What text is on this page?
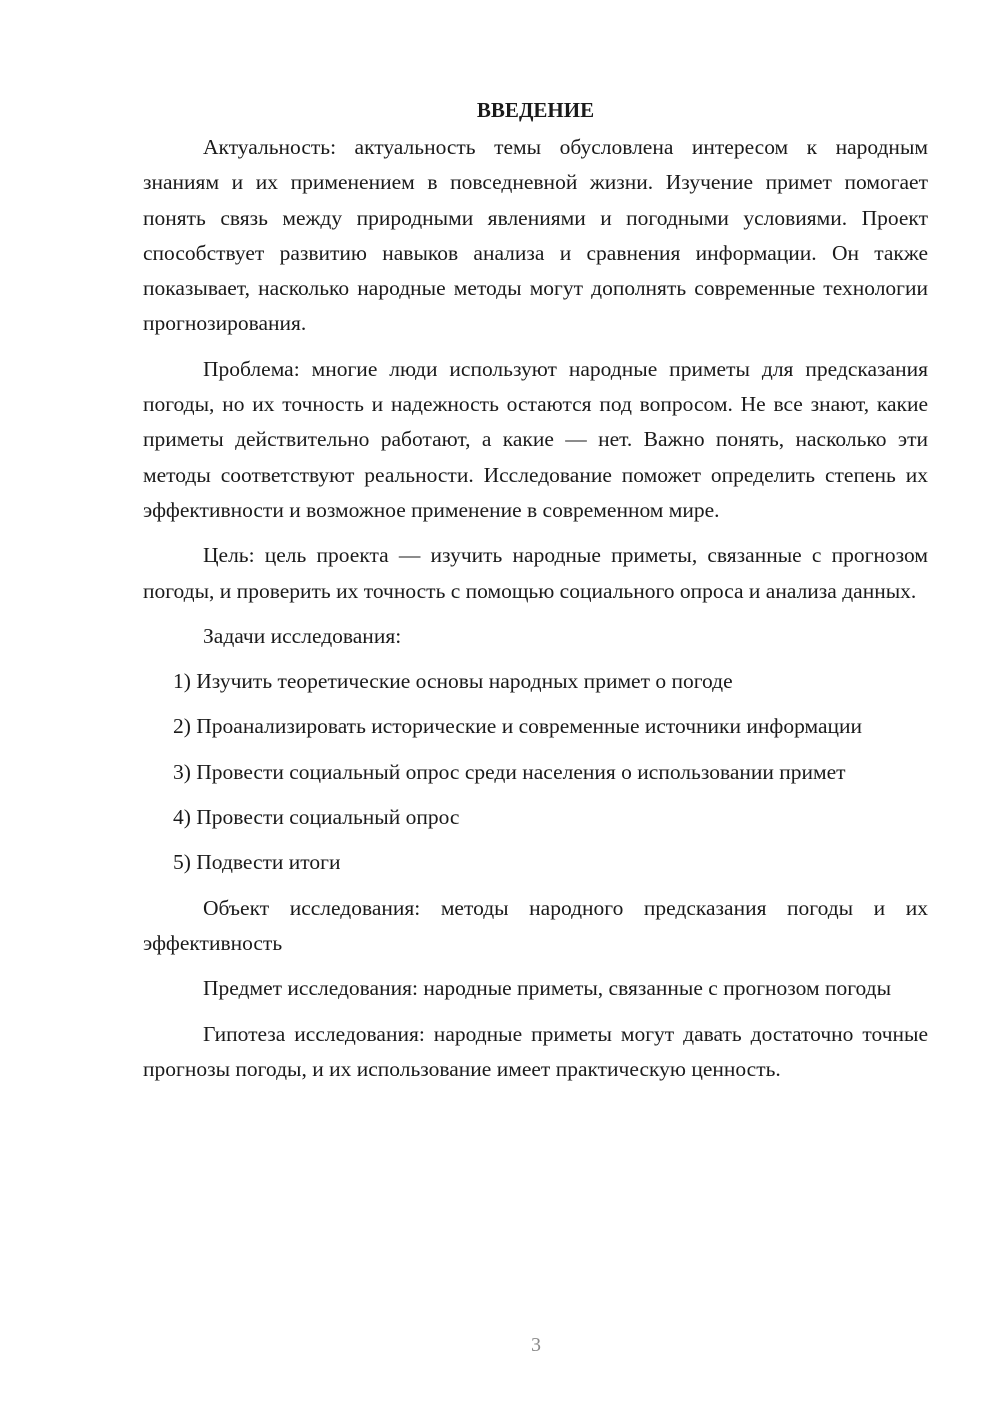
ВВЕДЕНИЕ

Актуальность: актуальность темы обусловлена интересом к народным знаниям и их применением в повседневной жизни. Изучение примет помогает понять связь между природными явлениями и погодными условиями. Проект способствует развитию навыков анализа и сравнения информации. Он также показывает, насколько народные методы могут дополнять современные технологии прогнозирования.

Проблема: многие люди используют народные приметы для предсказания погоды, но их точность и надежность остаются под вопросом. Не все знают, какие приметы действительно работают, а какие — нет. Важно понять, насколько эти методы соответствуют реальности. Исследование поможет определить степень их эффективности и возможное применение в современном мире.

Цель: цель проекта — изучить народные приметы, связанные с прогнозом погоды, и проверить их точность с помощью социального опроса и анализа данных.

Задачи исследования:

1) Изучить теоретические основы народных примет о погоде

2) Проанализировать исторические и современные источники информации

3) Провести социальный опрос среди населения о использовании примет

4) Провести социальный опрос

5) Подвести итоги

Объект исследования: методы народного предсказания погоды и их эффективность

Предмет исследования: народные приметы, связанные с прогнозом погоды

Гипотеза исследования: народные приметы могут давать достаточно точные прогнозы погоды, и их использование имеет практическую ценность.

3
